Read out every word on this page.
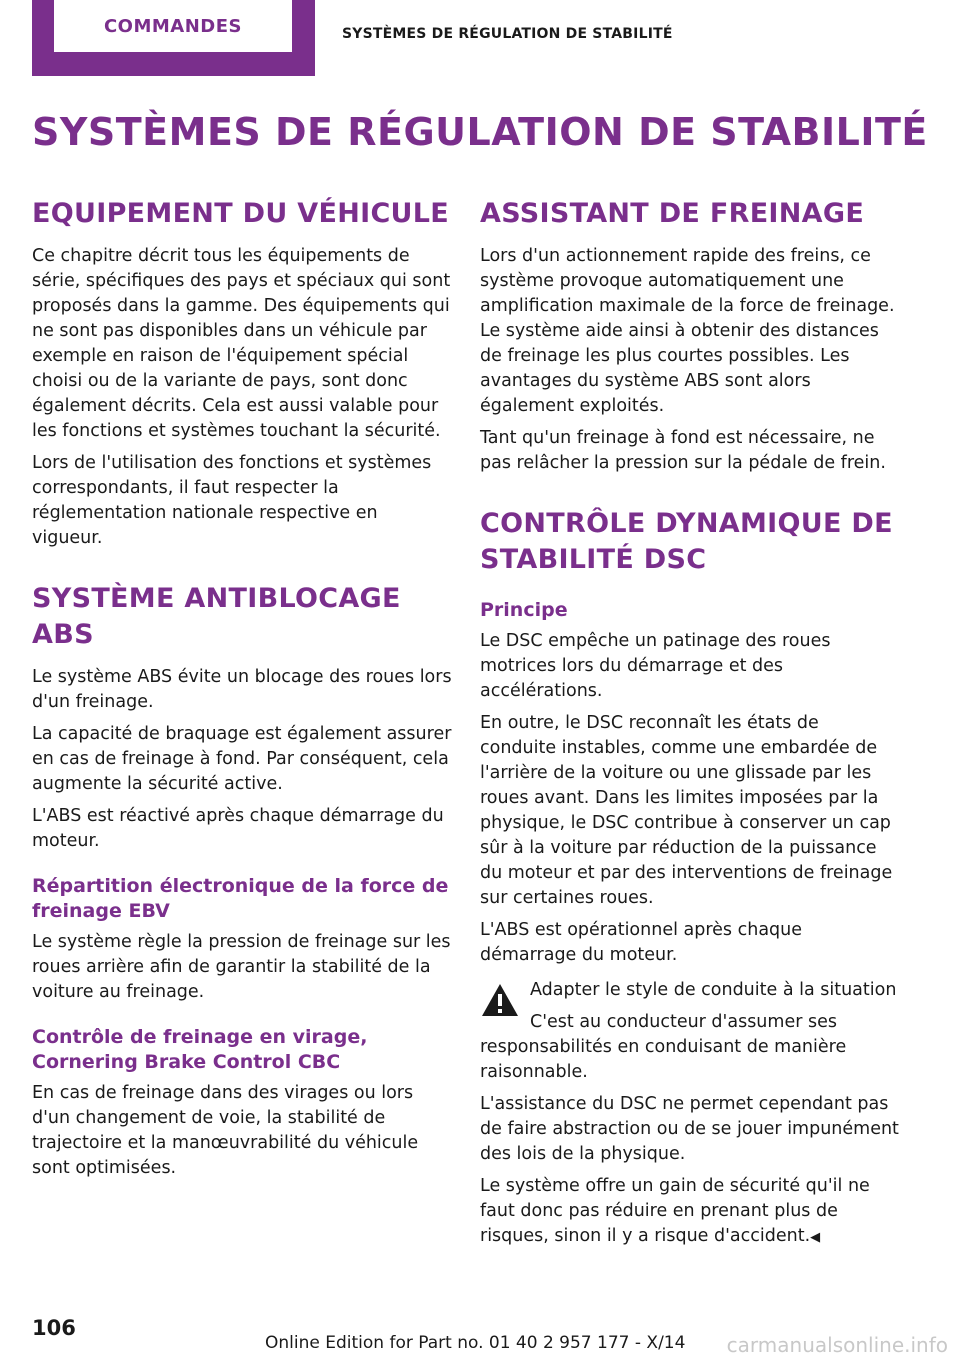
COMMANDES	SYSTÈMES DE RÉGULATION DE STABILITÉ
SYSTÈMES DE RÉGULATION DE STABILITÉ
EQUIPEMENT DU VÉHICULE

Ce chapitre décrit tous les équipements de série, spécifiques des pays et spéciaux qui sont proposés dans la gamme. Des équipements qui ne sont pas disponibles dans un véhicule par exemple en raison de l'équipement spécial choisi ou de la variante de pays, sont donc également décrits. Cela est aussi valable pour les fonctions et systèmes touchant la sécurité.

Lors de l'utilisation des fonctions et systèmes correspondants, il faut respecter la réglementation nationale respective en vigueur.

SYSTÈME ANTIBLOCAGE ABS

Le système ABS évite un blocage des roues lors d'un freinage.

La capacité de braquage est également assurer en cas de freinage à fond. Par conséquent, cela augmente la sécurité active.

L'ABS est réactivé après chaque démarrage du moteur.

Répartition électronique de la force de freinage EBV

Le système règle la pression de freinage sur les roues arrière afin de garantir la stabilité de la voiture au freinage.

Contrôle de freinage en virage, Cornering Brake Control CBC

En cas de freinage dans des virages ou lors d'un changement de voie, la stabilité de trajectoire et la manœuvrabilité du véhicule sont optimisées.

ASSISTANT DE FREINAGE

Lors d'un actionnement rapide des freins, ce système provoque automatiquement une amplification maximale de la force de freinage. Le système aide ainsi à obtenir des distances de freinage les plus courtes possibles. Les avantages du système ABS sont alors également exploités.

Tant qu'un freinage à fond est nécessaire, ne pas relâcher la pression sur la pédale de frein.

CONTRÔLE DYNAMIQUE DE STABILITÉ DSC
Principe

Le DSC empêche un patinage des roues motrices lors du démarrage et des accélérations.

En outre, le DSC reconnaît les états de conduite instables, comme une embardée de l'arrière de la voiture ou une glissade par les roues avant. Dans les limites imposées par la physique, le DSC contribue à conserver un cap sûr à la voiture par réduction de la puissance du moteur et par des interventions de freinage sur certaines roues.

L'ABS est opérationnel après chaque démarrage du moteur.

Adapter le style de conduite à la situation

C'est au conducteur d'assumer ses responsabilités en conduisant de manière raisonnable.

L'assistance du DSC ne permet cependant pas de faire abstraction ou de se jouer impunément des lois de la physique.

Le système offre un gain de sécurité qu'il ne faut donc pas réduire en prenant plus de risques, sinon il y a risque d'accident.◀

106
Online Edition for Part no. 01 40 2 957 177 - X/14 carmanualsonline.info
